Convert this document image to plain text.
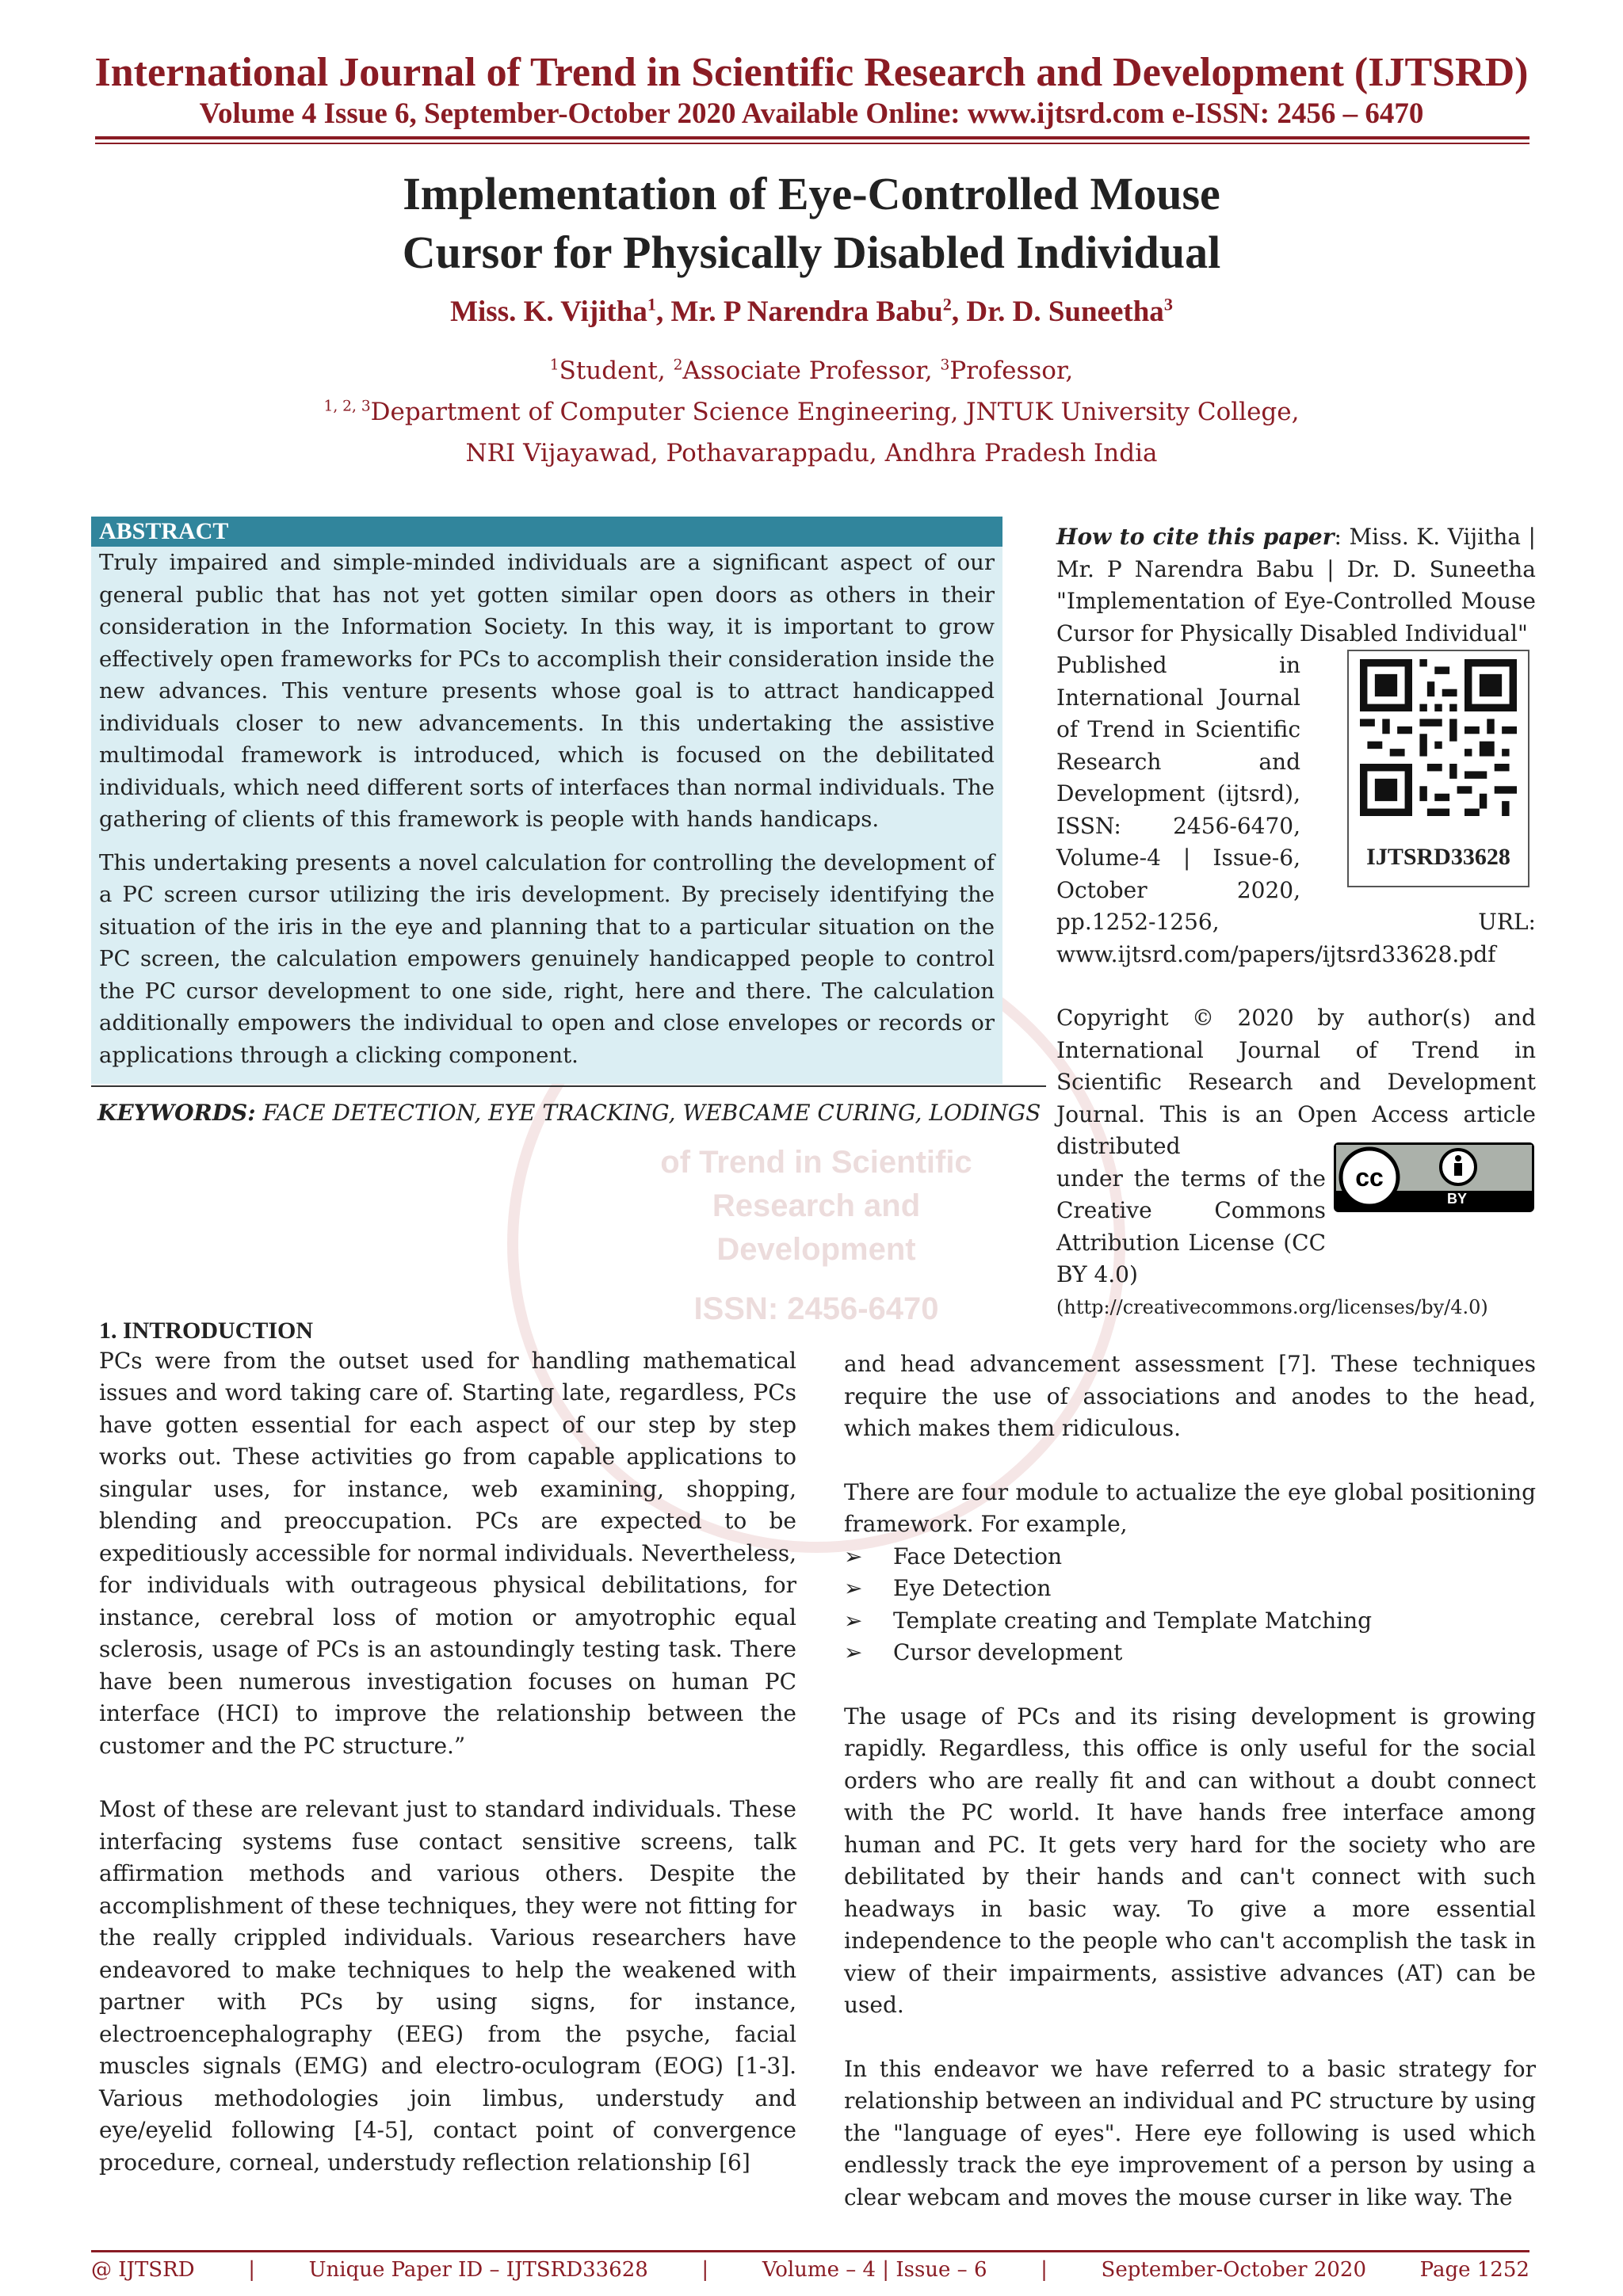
International Journal of Trend in Scientific Research and Development (IJTSRD)
Volume 4 Issue 6, September-October 2020 Available Online: www.ijtsrd.com e-ISSN: 2456 – 6470
Implementation of Eye-Controlled Mouse
Cursor for Physically Disabled Individual
Miss. K. Vijitha$^1$, Mr. P Narendra Babu$^2$, Dr. D. Suneetha$^3$
$^1$Student, $^2$Associate Professor, $^3$Professor,
$^{1, 2, 3}$Department of Computer Science Engineering, JNTUK University College,
NRI Vijayawad, Pothavarappadu, Andhra Pradesh India
of Trend in Scientific
Research and
Development
ISSN: 2456-6470
ABSTRACT

Truly impaired and simple-minded individuals are a significant aspect of our general public that has not yet gotten similar open doors as others in their consideration in the Information Society. In this way, it is important to grow effectively open frameworks for PCs to accomplish their consideration inside the new advances. This venture presents whose goal is to attract handicapped individuals closer to new advancements. In this undertaking the assistive multimodal framework is introduced, which is focused on the debilitated individuals, which need different sorts of interfaces than normal individuals. The gathering of clients of this framework is people with hands handicaps.

This undertaking presents a novel calculation for controlling the development of a PC screen cursor utilizing the iris development. By precisely identifying the situation of the iris in the eye and planning that to a particular situation on the PC screen, the calculation empowers genuinely handicapped people to control the PC cursor development to one side, right, here and there. The calculation additionally empowers the individual to open and close envelopes or records or applications through a clicking component.

KEYWORDS: FACE DETECTION, EYE TRACKING, WEBCAME CURING, LODINGS
How to cite this paper: Miss. K. Vijitha | Mr. P Narendra Babu | Dr. D. Suneetha "Implementation of Eye-Controlled Mouse Cursor for Physically Disabled Individual"
Published in International Journal of Trend in Scientific Research and Development (ijtsrd), ISSN: 2456-6470, Volume-4 | Issue-6, October 2020, pp.1252-1256,	URL:
www.ijtsrd.com/papers/ijtsrd33628.pdf
IJTSRD33628
Copyright © 2020 by author(s) and International Journal of Trend in Scientific Research and Development Journal. This is an Open Access article distributed
under the terms of the Creative Commons Attribution License (CC BY 4.0)
(http://creativecommons.org/licenses/by/4.0)
cc
BY
1. INTRODUCTION

PCs were from the outset used for handling mathematical issues and word taking care of. Starting late, regardless, PCs have gotten essential for each aspect of our step by step works out. These activities go from capable applications to singular uses, for instance, web examining, shopping, blending and preoccupation. PCs are expected to be expeditiously accessible for normal individuals. Nevertheless, for individuals with outrageous physical debilitations, for instance, cerebral loss of motion or amyotrophic equal sclerosis, usage of PCs is an astoundingly testing task. There have been numerous investigation focuses on human PC interface (HCI) to improve the relationship between the customer and the PC structure.”

Most of these are relevant just to standard individuals. These interfacing systems fuse contact sensitive screens, talk affirmation methods and various others. Despite the accomplishment of these techniques, they were not fitting for the really crippled individuals. Various researchers have endeavored to make techniques to help the weakened with partner with PCs by using signs, for instance, electroencephalography (EEG) from the psyche, facial muscles signals (EMG) and electro-oculogram (EOG) [1-3]. Various methodologies join limbus, understudy and eye/eyelid following [4-5], contact point of convergence procedure, corneal, understudy reflection relationship [6]

and head advancement assessment [7]. These techniques require the use of associations and anodes to the head, which makes them ridiculous.

There are four module to actualize the eye global positioning framework. For example,

➢ Face Detection
➢ Eye Detection
➢ Template creating and Template Matching
➢ Cursor development

The usage of PCs and its rising development is growing rapidly. Regardless, this office is only useful for the social orders who are really fit and can without a doubt connect with the PC world. It have hands free interface among human and PC. It gets very hard for the society who are debilitated by their hands and can't connect with such headways in basic way. To give a more essential independence to the people who can't accomplish the task in view of their impairments, assistive advances (AT) can be used.

In this endeavor we have referred to a basic strategy for relationship between an individual and PC structure by using the "language of eyes". Here eye following is used which endlessly track the eye improvement of a person by using a clear webcam and moves the mouse curser in like way. The

@ IJTSRD	|	Unique Paper ID – IJTSRD33628	|	Volume – 4 | Issue – 6	|	September-October 2020	Page 1252
